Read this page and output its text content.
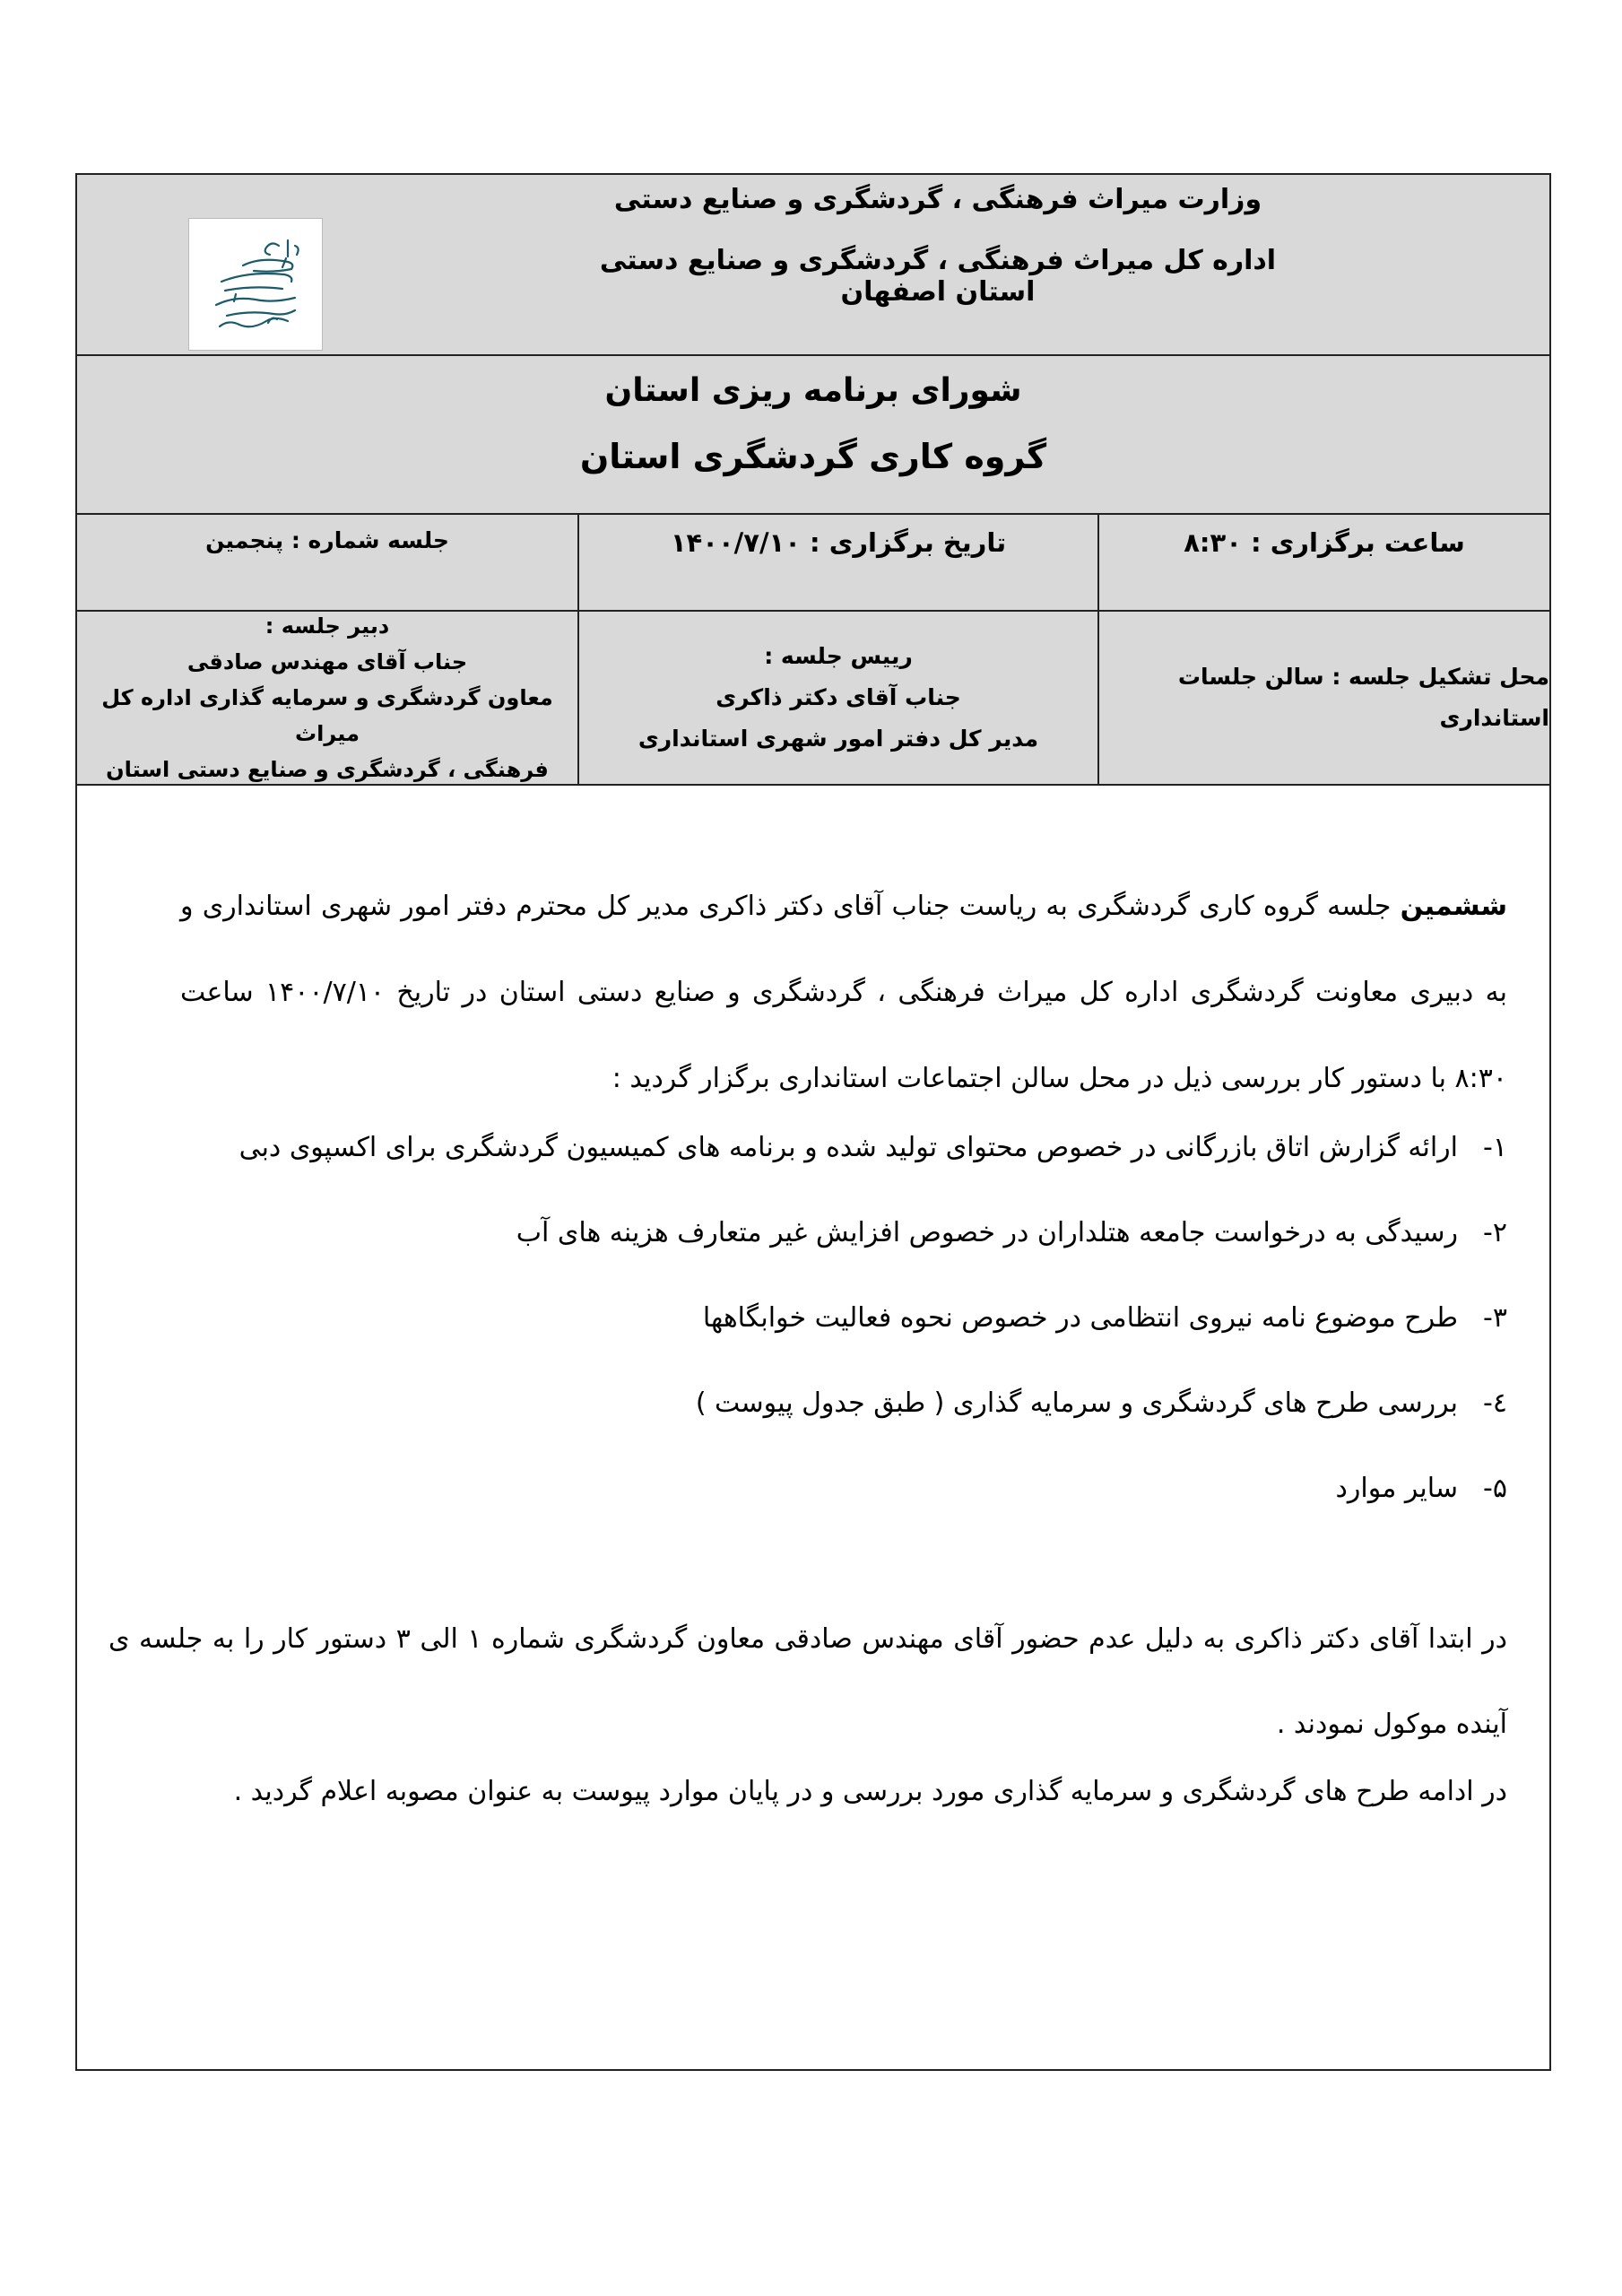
وزارت میراث فرهنگی ، گردشگری و صنایع دستی
اداره کل میراث فرهنگی ، گردشگری و صنایع دستی استان اصفهان
شورای برنامه ریزی استان
گروه کاری گردشگری استان
ساعت برگزاری : ۸:۳۰
تاریخ برگزاری : ۱۴۰۰/۷/۱۰
جلسه شماره : پنجمین
محل تشکیل جلسه : سالن جلسات استانداری
رییس جلسه :
جناب آقای دکتر ذاکری
مدیر کل دفتر امور شهری استانداری
دبیر جلسه :
جناب آقای مهندس صادقی
معاون گردشگری و سرمایه گذاری اداره کل میراث
فرهنگی ، گردشگری و صنایع دستی استان
ششمین جلسه گروه کاری گردشگری به ریاست جناب آقای دکتر ذاکری مدیر کل محترم دفتر امور شهری استانداری و به دبیری معاونت گردشگری اداره کل میراث فرهنگی ، گردشگری و صنایع دستی استان در تاریخ ۱۴۰۰/۷/۱۰ ساعت ۸:۳۰ با دستور کار بررسی ذیل در محل سالن اجتماعات استانداری برگزار گردید :
۱-
ارائه گزارش اتاق بازرگانی در خصوص محتوای تولید شده و برنامه های کمیسیون گردشگری برای اکسپوی دبی
۲-
رسیدگی به درخواست جامعه هتلداران در خصوص افزایش غیر متعارف هزینه های آب
۳-
طرح موضوع نامه نیروی انتظامی در خصوص نحوه فعالیت خوابگاهها
٤-
بررسی طرح های گردشگری و سرمایه گذاری ( طبق جدول پیوست )
۵-
سایر موارد
در ابتدا آقای دکتر ذاکری به دلیل عدم حضور آقای مهندس صادقی معاون گردشگری شماره ۱ الی ۳ دستور کار را به جلسه ی آینده موکول نمودند .
در ادامه طرح های گردشگری و سرمایه گذاری مورد بررسی و در پایان موارد پیوست به عنوان مصوبه اعلام گردید .
